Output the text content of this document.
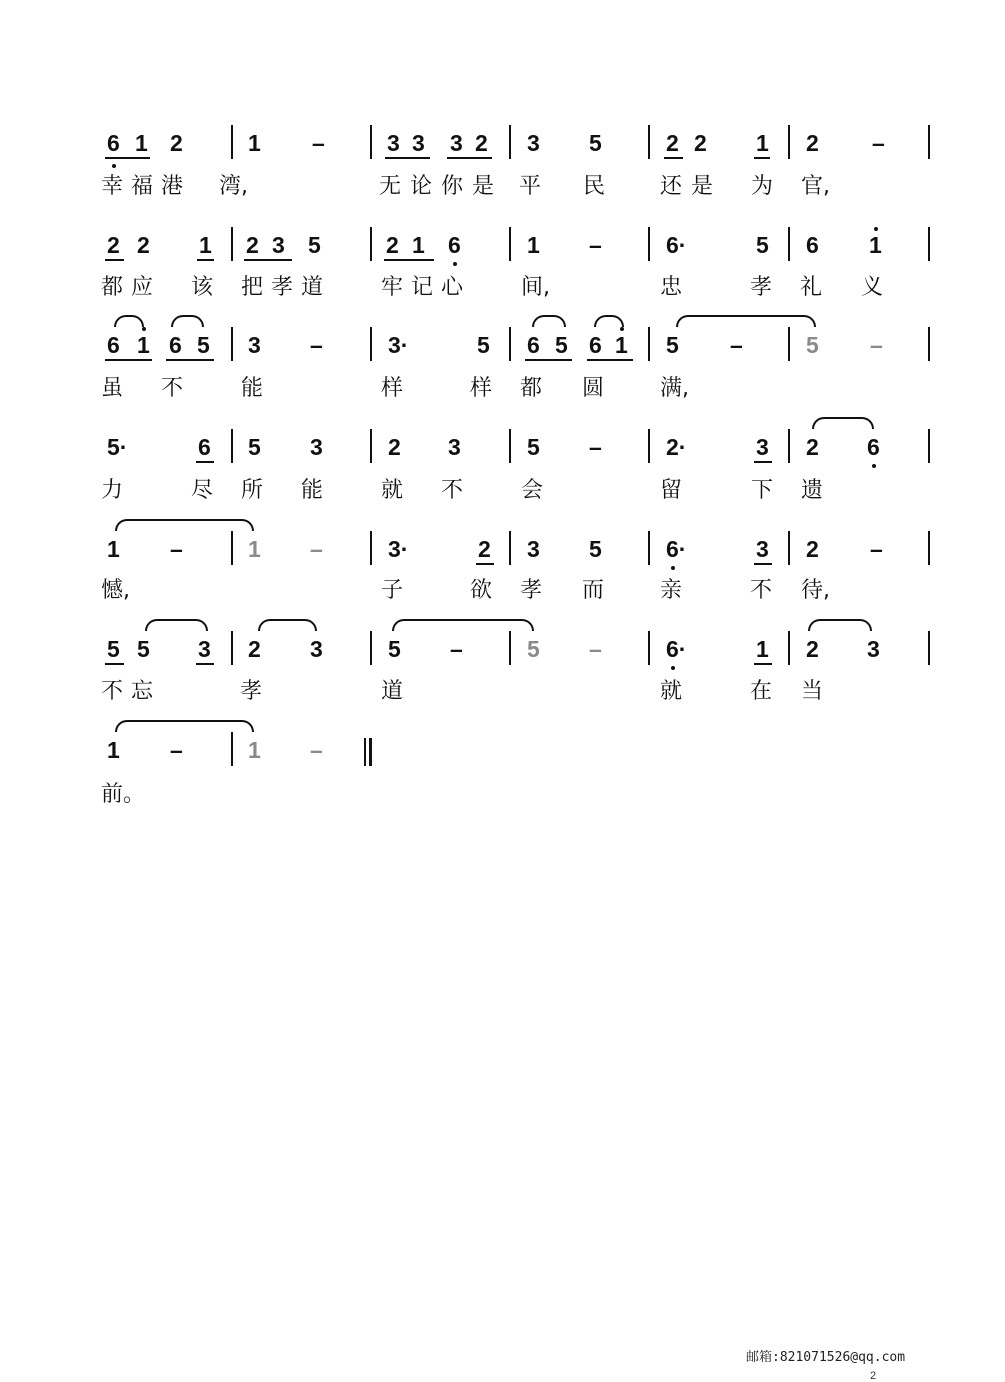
6 1 2	1 –	3 3 3 2 3 5	2 2 1 2 –
幸 福 港 湾,	无 论 你 是 平 民 还 是 为 官,
2 2 1 2 3 5	2 1 6	1 –	6·	5 6 1
都 应 该 把 孝 道	牢 记 心	间,	忠	孝 礼 义
6 1 6 5 3 –	3·	5 6 5 6 1 5 –	5 –
虽 不	能	样	样 都 圆	满,
5·	6 5 3	2 3	5 –	2·	3 2 6
力	尽 所 能	就 不	会	留	下 遗
1 –	1 –	3·	2 3 5	6·	3 2 –
憾,	子	欲 孝 而	亲	不 待,
5 5 3 2 3	5 –	5 –	6·	1 2 3
不 忘	孝	道	就	在 当
1 –	1 –
前。
邮箱:821071526@qq.com
2
